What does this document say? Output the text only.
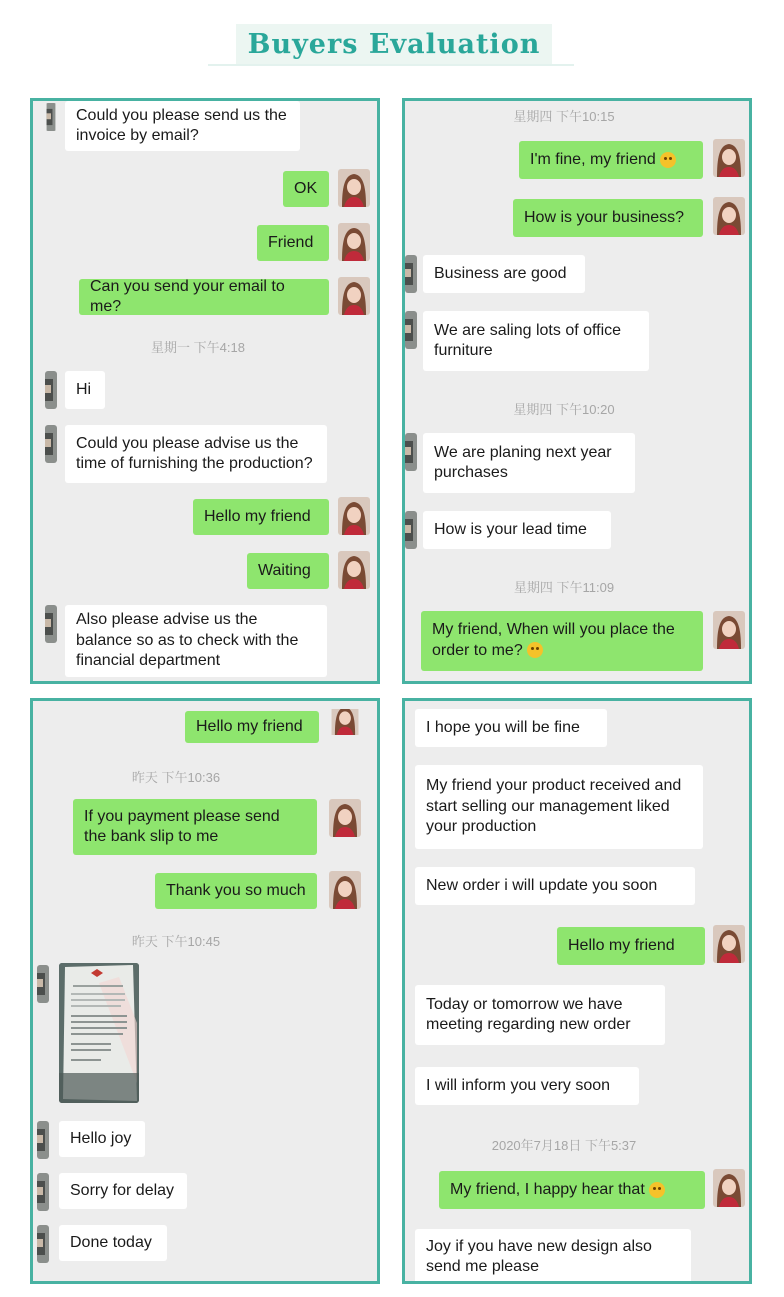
Buyers Evaluation
Could you please send us the invoice by email?
OK
Friend
Can you send your email to me?
星期一 下午4:18
Hi
Could you please advise us the time of furnishing the production?
Hello my friend
Waiting
Also please advise us the balance so as to check with the financial department
星期四 下午10:15
I'm fine, my friend
How is your business?
Business are good
We are saling lots of office furniture
星期四 下午10:20
We are planing next year purchases
How is your lead time
星期四 下午11:09
My friend, When will you place the order to me?
Hello my friend
昨天 下午10:36
If you payment please send the bank slip to me
Thank you so much
昨天 下午10:45
Hello joy
Sorry for delay
Done today
I hope you will be fine
My friend your product received and start selling our management liked your production
New order i will update you soon
Hello my friend
Today or tomorrow we have meeting regarding new order
I will inform you very soon
2020年7月18日 下午5:37
My friend, I happy hear that
Joy if you have new design also send me please
